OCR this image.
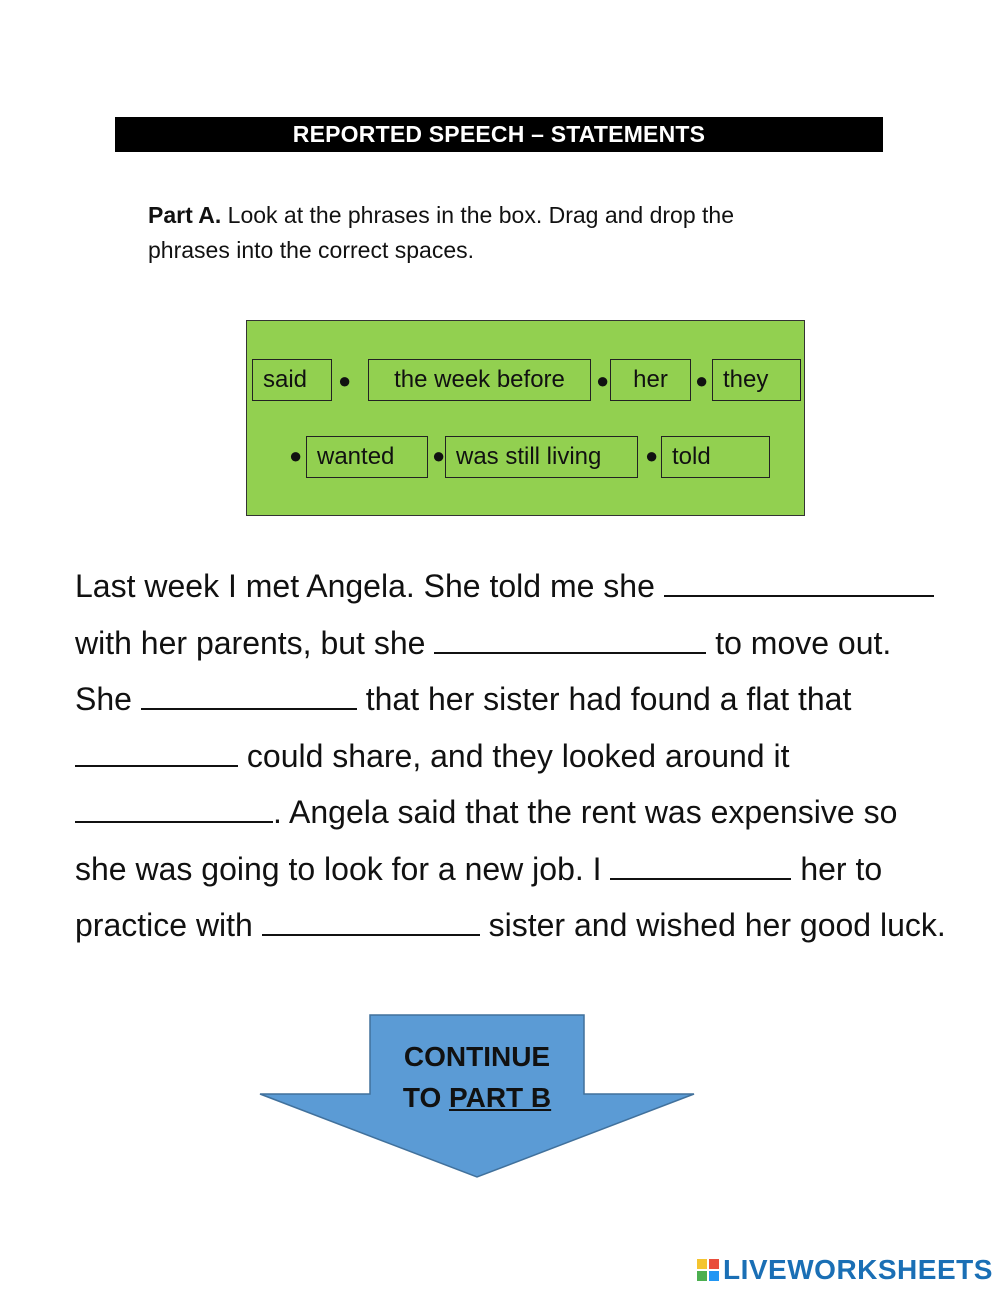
REPORTED SPEECH – STATEMENTS
Part A. Look at the phrases in the box. Drag and drop the
phrases into the correct spaces.
said	●	the week before	● her	● they
● wanted	● was still living	● told
Last week I met Angela. She told me she
with her parents, but she	to move out.
She	that her sister had found a flat that
could share, and they looked around it
. Angela said that the rent was expensive so
she was going to look for a new job. I	her to
practice with	sister and wished her good luck.
CONTINUE
TO PART B
LIVEWORKSHEETS
